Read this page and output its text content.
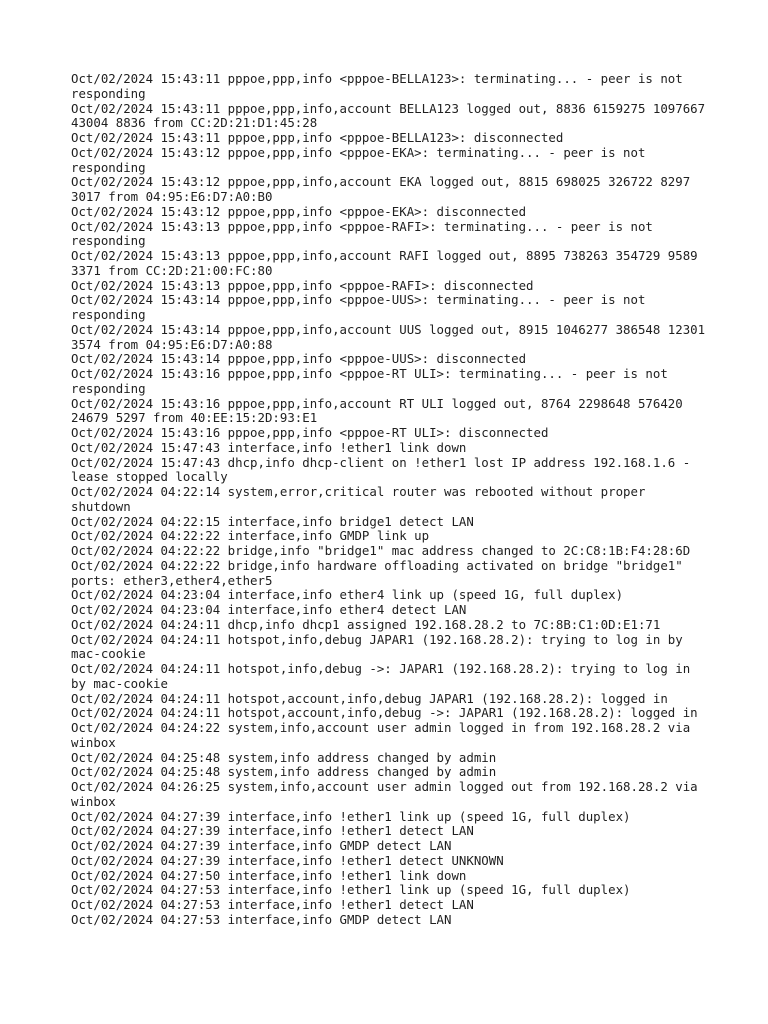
Oct/02/2024 15:43:11 pppoe,ppp,info <pppoe-BELLA123>: terminating... - peer is not responding
Oct/02/2024 15:43:11 pppoe,ppp,info,account BELLA123 logged out, 8836 6159275 1097667 43004 8836 from CC:2D:21:D1:45:28
Oct/02/2024 15:43:11 pppoe,ppp,info <pppoe-BELLA123>: disconnected
Oct/02/2024 15:43:12 pppoe,ppp,info <pppoe-EKA>: terminating... - peer is not responding
Oct/02/2024 15:43:12 pppoe,ppp,info,account EKA logged out, 8815 698025 326722 8297 3017 from 04:95:E6:D7:A0:B0
Oct/02/2024 15:43:12 pppoe,ppp,info <pppoe-EKA>: disconnected
Oct/02/2024 15:43:13 pppoe,ppp,info <pppoe-RAFI>: terminating... - peer is not responding
Oct/02/2024 15:43:13 pppoe,ppp,info,account RAFI logged out, 8895 738263 354729 9589 3371 from CC:2D:21:00:FC:80
Oct/02/2024 15:43:13 pppoe,ppp,info <pppoe-RAFI>: disconnected
Oct/02/2024 15:43:14 pppoe,ppp,info <pppoe-UUS>: terminating... - peer is not responding
Oct/02/2024 15:43:14 pppoe,ppp,info,account UUS logged out, 8915 1046277 386548 12301 3574 from 04:95:E6:D7:A0:88
Oct/02/2024 15:43:14 pppoe,ppp,info <pppoe-UUS>: disconnected
Oct/02/2024 15:43:16 pppoe,ppp,info <pppoe-RT ULI>: terminating... - peer is not responding
Oct/02/2024 15:43:16 pppoe,ppp,info,account RT ULI logged out, 8764 2298648 576420 24679 5297 from 40:EE:15:2D:93:E1
Oct/02/2024 15:43:16 pppoe,ppp,info <pppoe-RT ULI>: disconnected
Oct/02/2024 15:47:43 interface,info !ether1 link down
Oct/02/2024 15:47:43 dhcp,info dhcp-client on !ether1 lost IP address 192.168.1.6 - lease stopped locally
Oct/02/2024 04:22:14 system,error,critical router was rebooted without proper shutdown
Oct/02/2024 04:22:15 interface,info bridge1 detect LAN
Oct/02/2024 04:22:22 interface,info GMDP link up
Oct/02/2024 04:22:22 bridge,info "bridge1" mac address changed to 2C:C8:1B:F4:28:6D
Oct/02/2024 04:22:22 bridge,info hardware offloading activated on bridge "bridge1" ports: ether3,ether4,ether5
Oct/02/2024 04:23:04 interface,info ether4 link up (speed 1G, full duplex)
Oct/02/2024 04:23:04 interface,info ether4 detect LAN
Oct/02/2024 04:24:11 dhcp,info dhcp1 assigned 192.168.28.2 to 7C:8B:C1:0D:E1:71
Oct/02/2024 04:24:11 hotspot,info,debug JAPAR1 (192.168.28.2): trying to log in by mac-cookie
Oct/02/2024 04:24:11 hotspot,info,debug ->: JAPAR1 (192.168.28.2): trying to log in by mac-cookie
Oct/02/2024 04:24:11 hotspot,account,info,debug JAPAR1 (192.168.28.2): logged in
Oct/02/2024 04:24:11 hotspot,account,info,debug ->: JAPAR1 (192.168.28.2): logged in
Oct/02/2024 04:24:22 system,info,account user admin logged in from 192.168.28.2 via winbox
Oct/02/2024 04:25:48 system,info address changed by admin
Oct/02/2024 04:25:48 system,info address changed by admin
Oct/02/2024 04:26:25 system,info,account user admin logged out from 192.168.28.2 via winbox
Oct/02/2024 04:27:39 interface,info !ether1 link up (speed 1G, full duplex)
Oct/02/2024 04:27:39 interface,info !ether1 detect LAN
Oct/02/2024 04:27:39 interface,info GMDP detect LAN
Oct/02/2024 04:27:39 interface,info !ether1 detect UNKNOWN
Oct/02/2024 04:27:50 interface,info !ether1 link down
Oct/02/2024 04:27:53 interface,info !ether1 link up (speed 1G, full duplex)
Oct/02/2024 04:27:53 interface,info !ether1 detect LAN
Oct/02/2024 04:27:53 interface,info GMDP detect LAN
